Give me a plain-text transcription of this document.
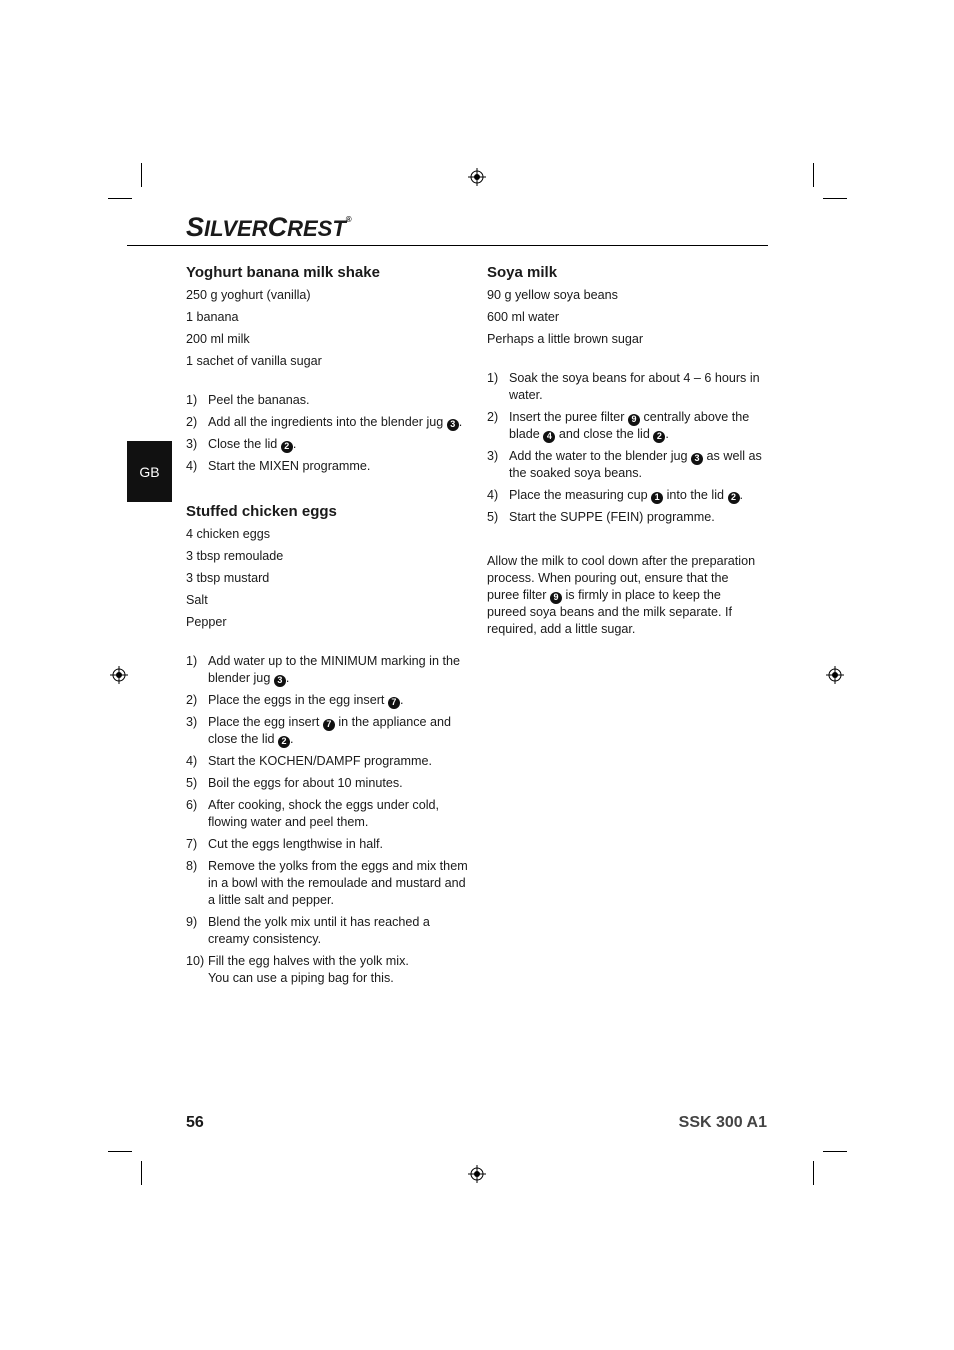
SILVERCREST®
GB
Yoghurt banana milk shake
250 g yoghurt (vanilla)
1 banana
200 ml milk
1 sachet of vanilla sugar
1) Peel the bananas.
2) Add all the ingredients into the blender jug 3 .
3) Close the lid 2 .
4) Start the MIXEN programme.
Stuffed chicken eggs
4 chicken eggs
3 tbsp remoulade
3 tbsp mustard
Salt
Pepper
1) Add water up to the MINIMUM marking in the blender jug 3 .
2) Place the eggs in the egg insert 7 .
3) Place the egg insert 7 in the appliance and close the lid 2 .
4) Start the KOCHEN/DAMPF programme.
5) Boil the eggs for about 10 minutes.
6) After cooking, shock the eggs under cold, flowing water and peel them.
7) Cut the eggs lengthwise in half.
8) Remove the yolks from the eggs and mix them in a bowl with the remoulade and mustard and a little salt and pepper.
9) Blend the yolk mix until it has reached a creamy consistency.
10) Fill the egg halves with the yolk mix.
You can use a piping bag for this.
Soya milk
90 g yellow soya beans
600 ml water
Perhaps a little brown sugar
1) Soak the soya beans for about 4 – 6 hours in water.
2) Insert the puree filter 9 centrally above the blade 4 and close the lid 2 .
3) Add the water to the blender jug 3 as well as the soaked soya beans.
4) Place the measuring cup 1 into the lid 2 .
5) Start the SUPPE (FEIN) programme.

Allow the milk to cool down after the preparation process. When pouring out, ensure that the puree filter 9 is firmly in place to keep the pureed soya beans and the milk separate. If required, add a little sugar.

56	SSK 300 A1
